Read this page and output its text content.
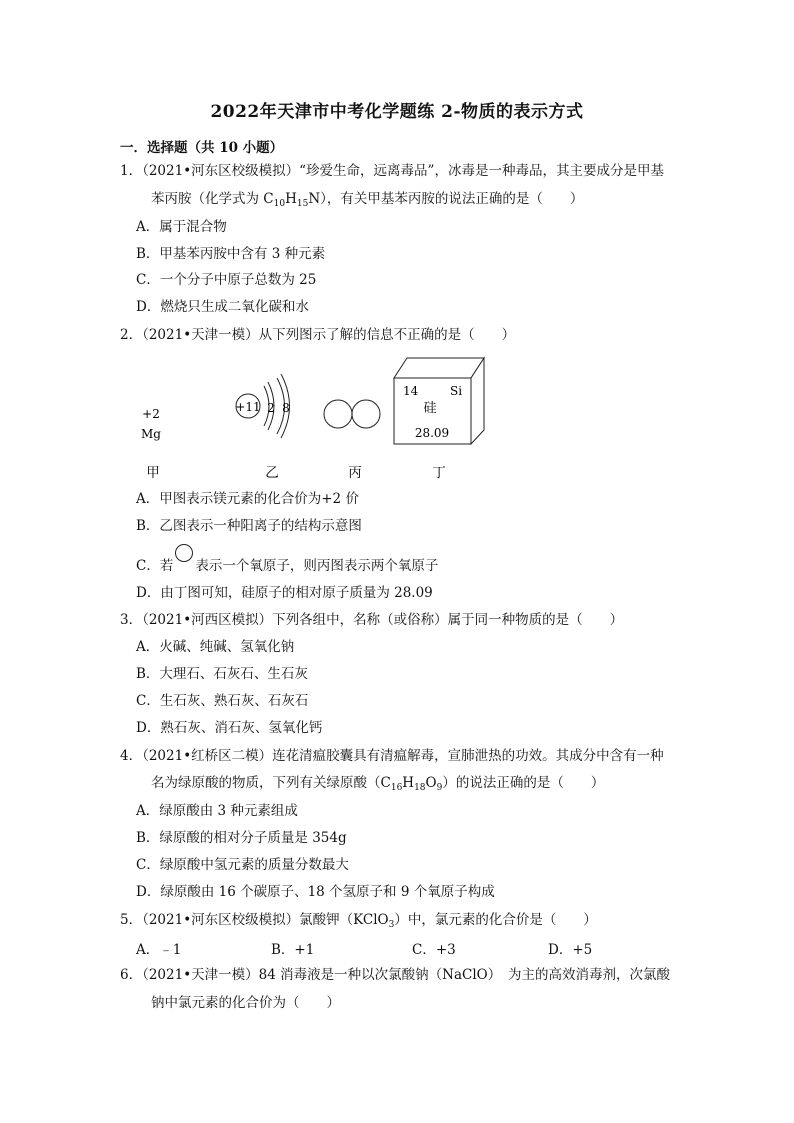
2022年天津市中考化学题练 2-物质的表示方式
一．选择题（共 10 小题）
1．（2021•河东区校级模拟）“珍爱生命，远离毒品”，冰毒是一种毒品，其主要成分是甲基
苯丙胺（化学式为 $C_{10}H_{15}N$），有关甲基苯丙胺的说法正确的是（　　）
A．属于混合物
B．甲基苯丙胺中含有 3 种元素
C．一个分子中原子总数为 25
D．燃烧只生成二氧化碳和水
2．（2021•天津一模）从下列图示了解的信息不正确的是（　　）
+2
Mg
+11 2 8
14	Si
硅
28.09
甲	乙	丙	丁
A．甲图表示镁元素的化合价为+2 价
B．乙图表示一种阳离子的结构示意图
C．若 表示一个氧原子，则丙图表示两个氧原子
D．由丁图可知，硅原子的相对原子质量为 28.09
3．（2021•河西区模拟）下列各组中，名称（或俗称）属于同一种物质的是（　　）
A．火碱、纯碱、氢氧化钠
B．大理石、石灰石、生石灰
C．生石灰、熟石灰、石灰石
D．熟石灰、消石灰、氢氧化钙
4．（2021•红桥区二模）连花清瘟胶囊具有清瘟解毒，宣肺泄热的功效。其成分中含有一种
名为绿原酸的物质，下列有关绿原酸$(C_{16}H_{18}O_9)$的说法正确的是（　　）
A．绿原酸由 3 种元素组成
B．绿原酸的相对分子质量是 354g
C．绿原酸中氢元素的质量分数最大
D．绿原酸由 16 个碳原子、18 个氢原子和 9 个氧原子构成
5．（2021•河东区校级模拟）氯酸钾（KClO$_3$）中，氯元素的化合价是（　　）
A．﹣1	B．+1	C．+3	D．+5
6．（2021•天津一模）84 消毒液是一种以次氯酸钠（NaClO）　为主的高效消毒剂，次氯酸
钠中氯元素的化合价为（　　）
